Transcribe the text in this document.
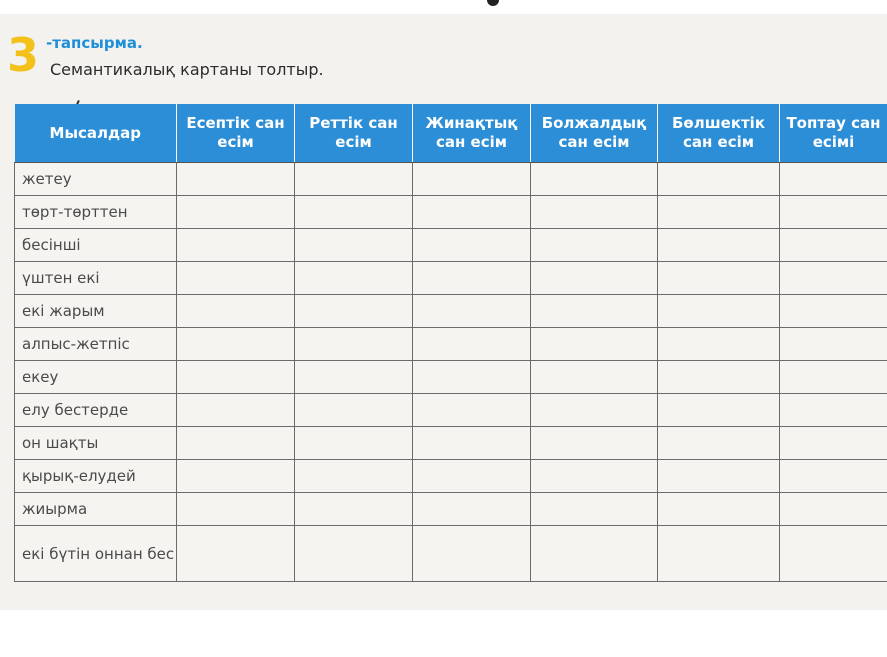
3 -тапсырма.
Семантикалық картаны толтыр.
Мысалдар	Есептік сан есім	Реттік сан есім	Жинақтық сан есім	Болжалдық сан есім	Бөлшектік сан есім	Топтау сан есімі
жетеу						
төрт-төрттен						
бесінші						
үштен екі						
екі жарым						
алпыс-жетпіс						
екеу						
елу бестерде						
он шақты						
қырық-елудей						
жиырма						
екі бүтін оннан бес						
